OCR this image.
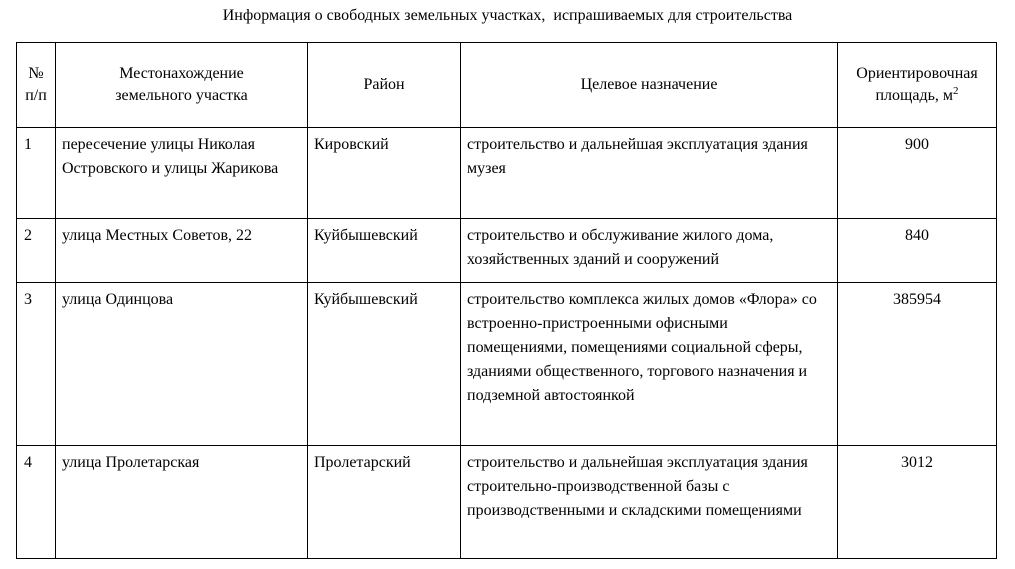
Информация о свободных земельных участках,  испрашиваемых для строительства
№ п/п	Местонахождение земельного участка	Район	Целевое назначение	Ориентировочная площадь, $м^2$
1	пересечение улицы Николая Островского и улицы Жарикова	Кировский	строительство и дальнейшая эксплуатация здания музея	900
2	улица Местных Советов, 22	Куйбышевский	строительство и обслуживание жилого дома, хозяйственных зданий и сооружений	840
3	улица Одинцова	Куйбышевский	строительство комплекса жилых домов «Флора» со встроенно-пристроенными офисными помещениями, помещениями социальной сферы, зданиями общественного, торгового назначения и подземной автостоянкой	385954
4	улица Пролетарская	Пролетарский	строительство и дальнейшая эксплуатация здания строительно-производственной базы с производственными и складскими помещениями	3012
